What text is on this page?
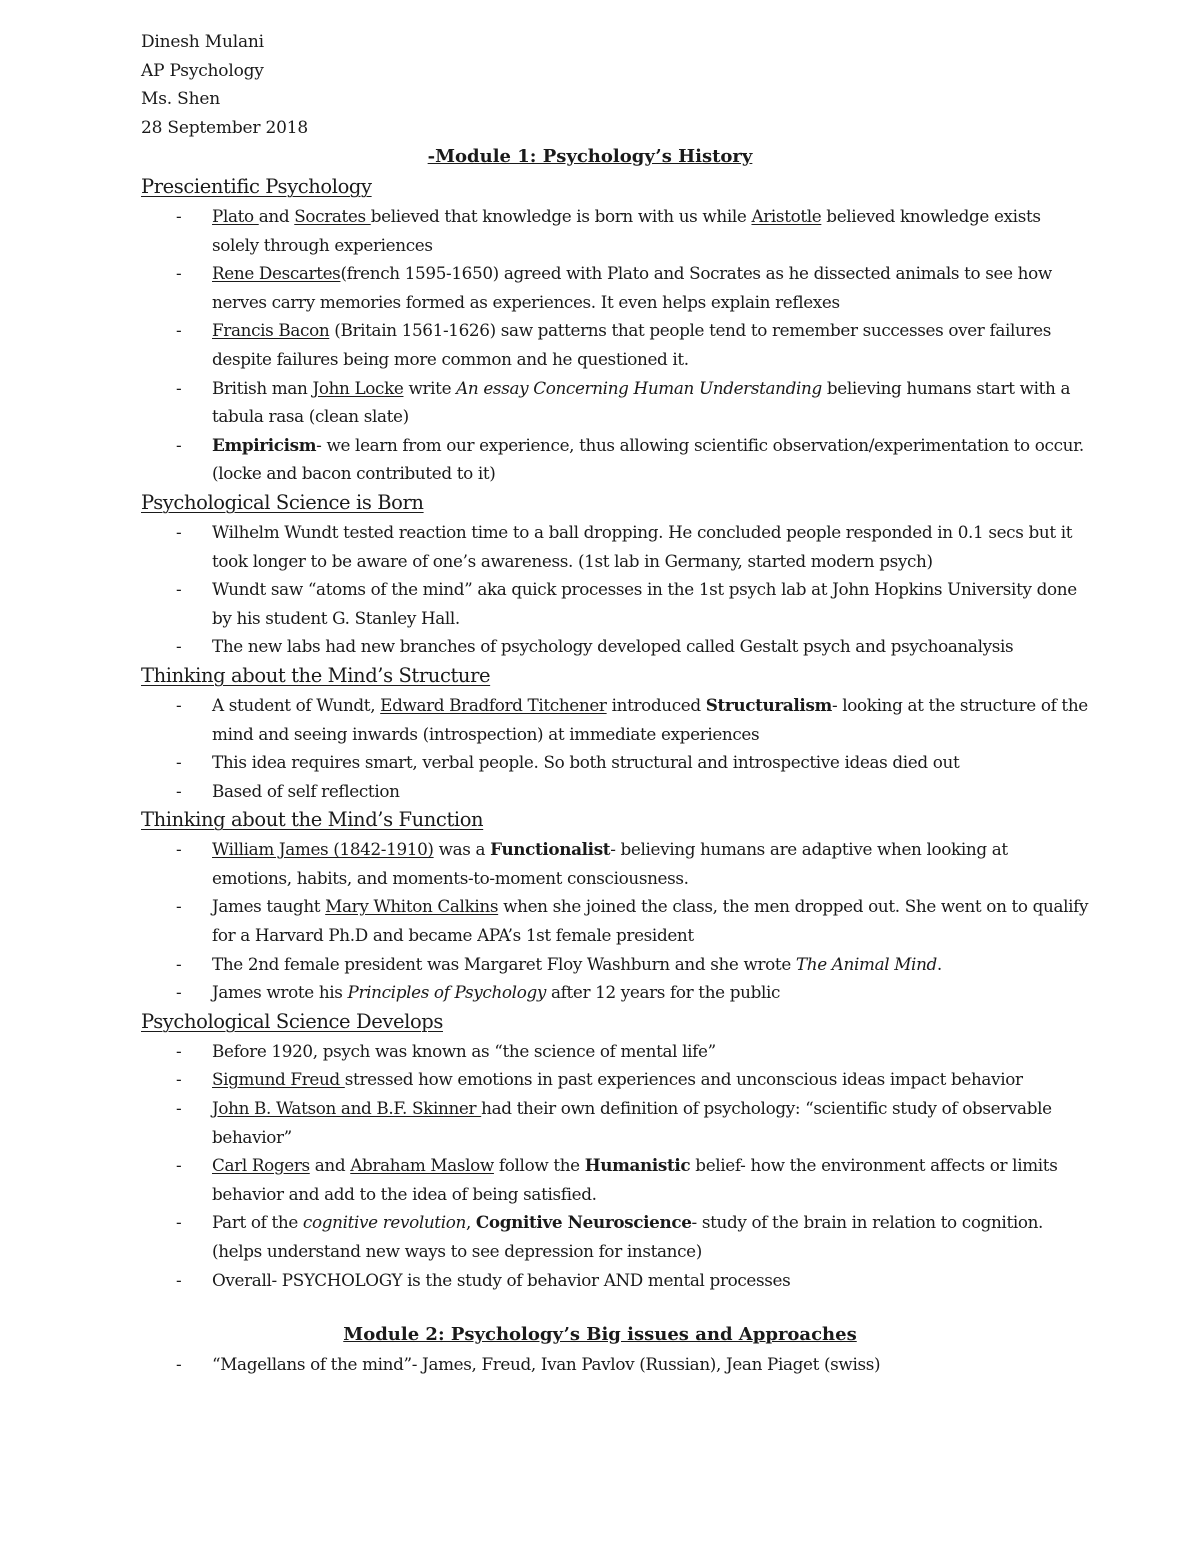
Dinesh Mulani
AP Psychology
Ms. Shen
28 September 2018
-Module 1: Psychology’s History
Prescientific Psychology
- Plato and Socrates believed that knowledge is born with us while Aristotle believed knowledge exists solely through experiences
- Rene Descartes(french 1595-1650) agreed with Plato and Socrates as he dissected animals to see how nerves carry memories formed as experiences. It even helps explain reflexes
- Francis Bacon (Britain 1561-1626) saw patterns that people tend to remember successes over failures despite failures being more common and he questioned it.
- British man John Locke write An essay Concerning Human Understanding believing humans start with a tabula rasa (clean slate)
- Empiricism- we learn from our experience, thus allowing scientific observation/experimentation to occur. (locke and bacon contributed to it)
Psychological Science is Born
- Wilhelm Wundt tested reaction time to a ball dropping. He concluded people responded in 0.1 secs but it took longer to be aware of one’s awareness. (1st lab in Germany, started modern psych)
- Wundt saw “atoms of the mind” aka quick processes in the 1st psych lab at John Hopkins University done by his student G. Stanley Hall.
- The new labs had new branches of psychology developed called Gestalt psych and psychoanalysis
Thinking about the Mind’s Structure
- A student of Wundt, Edward Bradford Titchener introduced Structuralism- looking at the structure of the mind and seeing inwards (introspection) at immediate experiences
- This idea requires smart, verbal people. So both structural and introspective ideas died out
- Based of self reflection
Thinking about the Mind’s Function
- William James (1842-1910) was a Functionalist- believing humans are adaptive when looking at emotions, habits, and moments-to-moment consciousness.
- James taught Mary Whiton Calkins when she joined the class, the men dropped out. She went on to qualify for a Harvard Ph.D and became APA’s 1st female president
- The 2nd female president was Margaret Floy Washburn and she wrote The Animal Mind.
- James wrote his Principles of Psychology after 12 years for the public
Psychological Science Develops
- Before 1920, psych was known as “the science of mental life”
- Sigmund Freud stressed how emotions in past experiences and unconscious ideas impact behavior
- John B. Watson and B.F. Skinner had their own definition of psychology: “scientific study of observable behavior”
- Carl Rogers and Abraham Maslow follow the Humanistic belief- how the environment affects or limits behavior and add to the idea of being satisfied.
- Part of the cognitive revolution, Cognitive Neuroscience- study of the brain in relation to cognition. (helps understand new ways to see depression for instance)
- Overall- PSYCHOLOGY is the study of behavior AND mental processes
Module 2: Psychology’s Big issues and Approaches
- “Magellans of the mind”- James, Freud, Ivan Pavlov (Russian), Jean Piaget (swiss)
